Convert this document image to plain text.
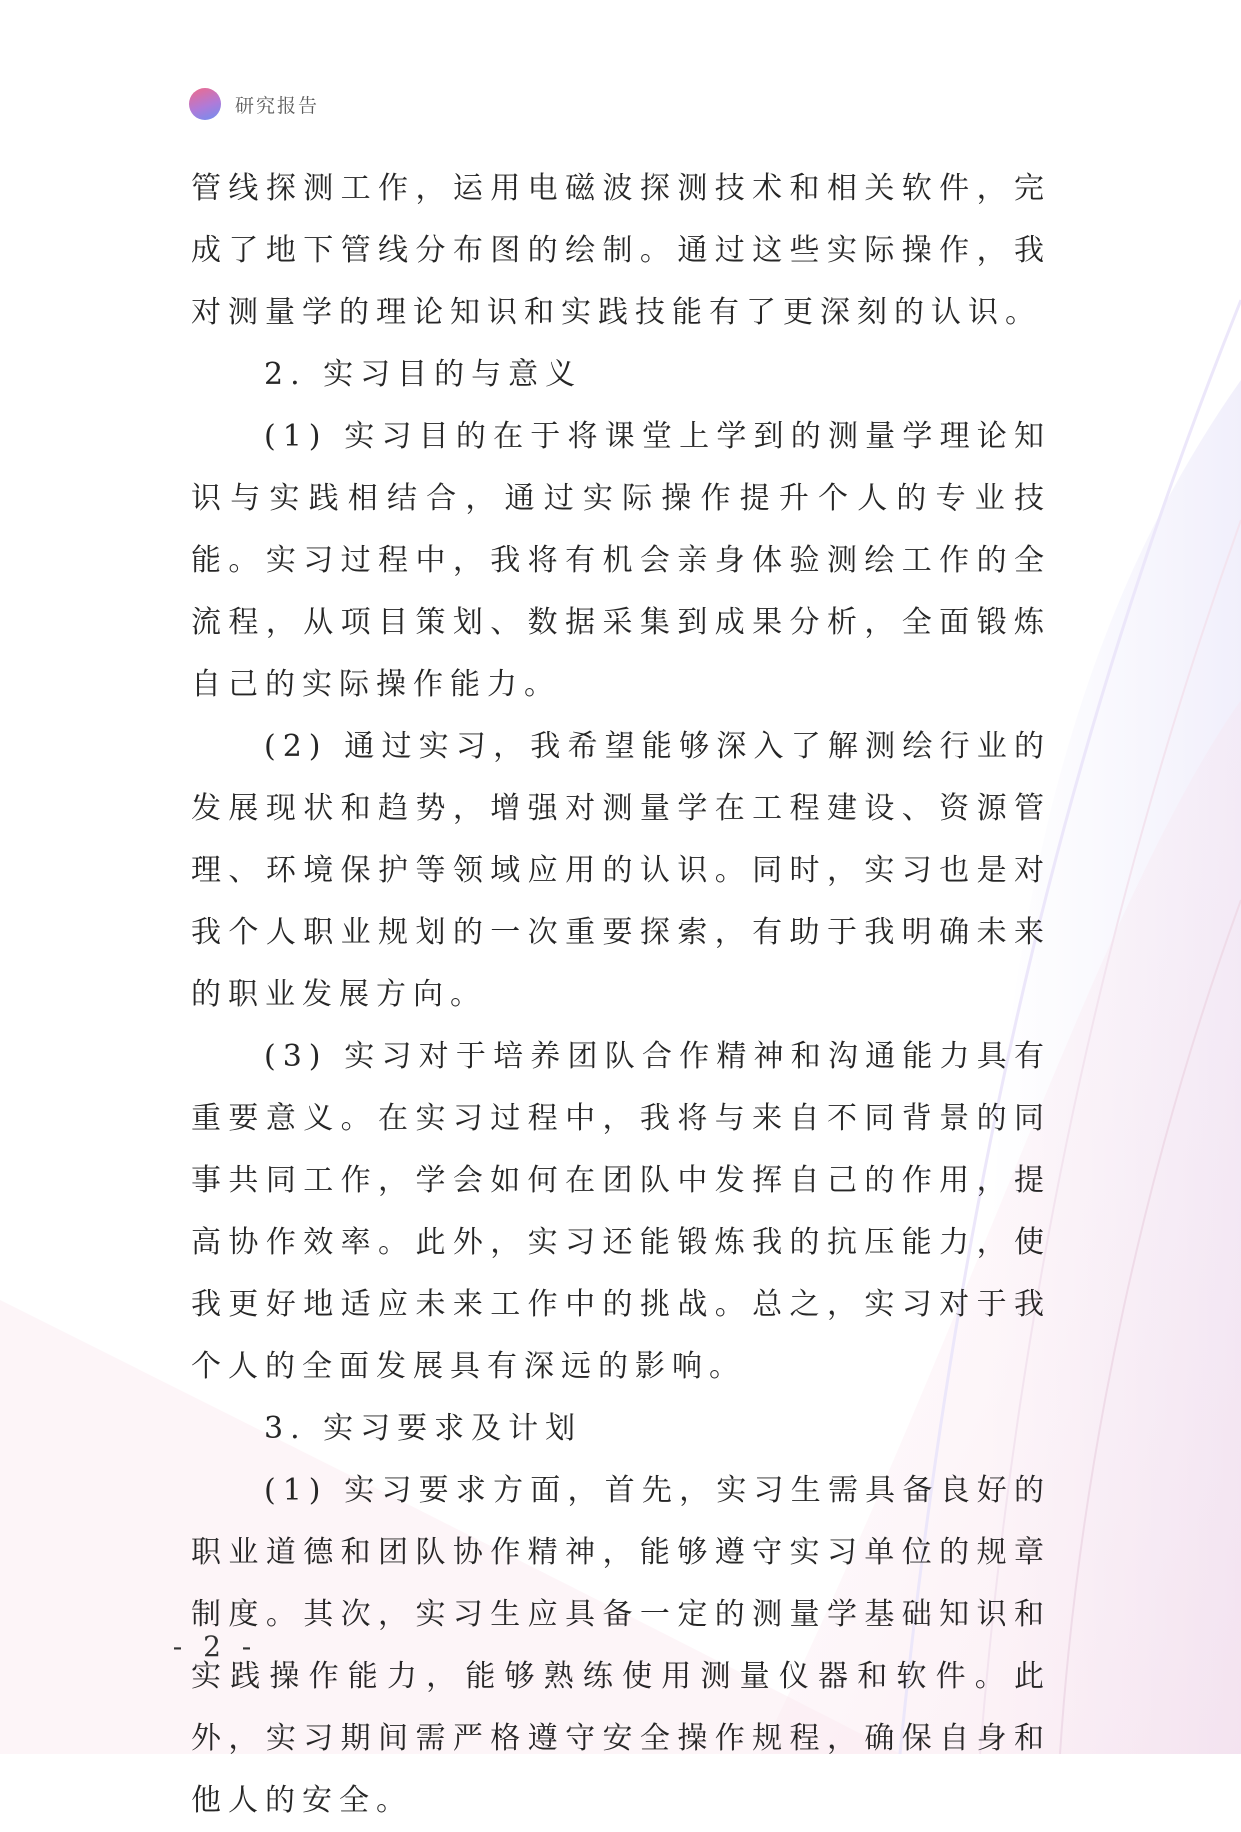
研究报告

管线探测工作，运用电磁波探测技术和相关软件，完成了地下管线分布图的绘制。通过这些实际操作，我对测量学的理论知识和实践技能有了更深刻的认识。

2. 实习目的与意义

(1) 实习目的在于将课堂上学到的测量学理论知识与实践相结合，通过实际操作提升个人的专业技能。实习过程中，我将有机会亲身体验测绘工作的全流程，从项目策划、数据采集到成果分析，全面锻炼自己的实际操作能力。

(2) 通过实习，我希望能够深入了解测绘行业的发展现状和趋势，增强对测量学在工程建设、资源管理、环境保护等领域应用的认识。同时，实习也是对我个人职业规划的一次重要探索，有助于我明确未来的职业发展方向。

(3) 实习对于培养团队合作精神和沟通能力具有重要意义。在实习过程中，我将与来自不同背景的同事共同工作，学会如何在团队中发挥自己的作用，提高协作效率。此外，实习还能锻炼我的抗压能力，使我更好地适应未来工作中的挑战。总之，实习对于我个人的全面发展具有深远的影响。

3. 实习要求及计划

(1) 实习要求方面，首先，实习生需具备良好的职业道德和团队协作精神，能够遵守实习单位的规章制度。其次，实习生应具备一定的测量学基础知识和实践操作能力，能够熟练使用测量仪器和软件。此外，实习期间需严格遵守安全操作规程，确保自身和他人的安全。

- 2 -
